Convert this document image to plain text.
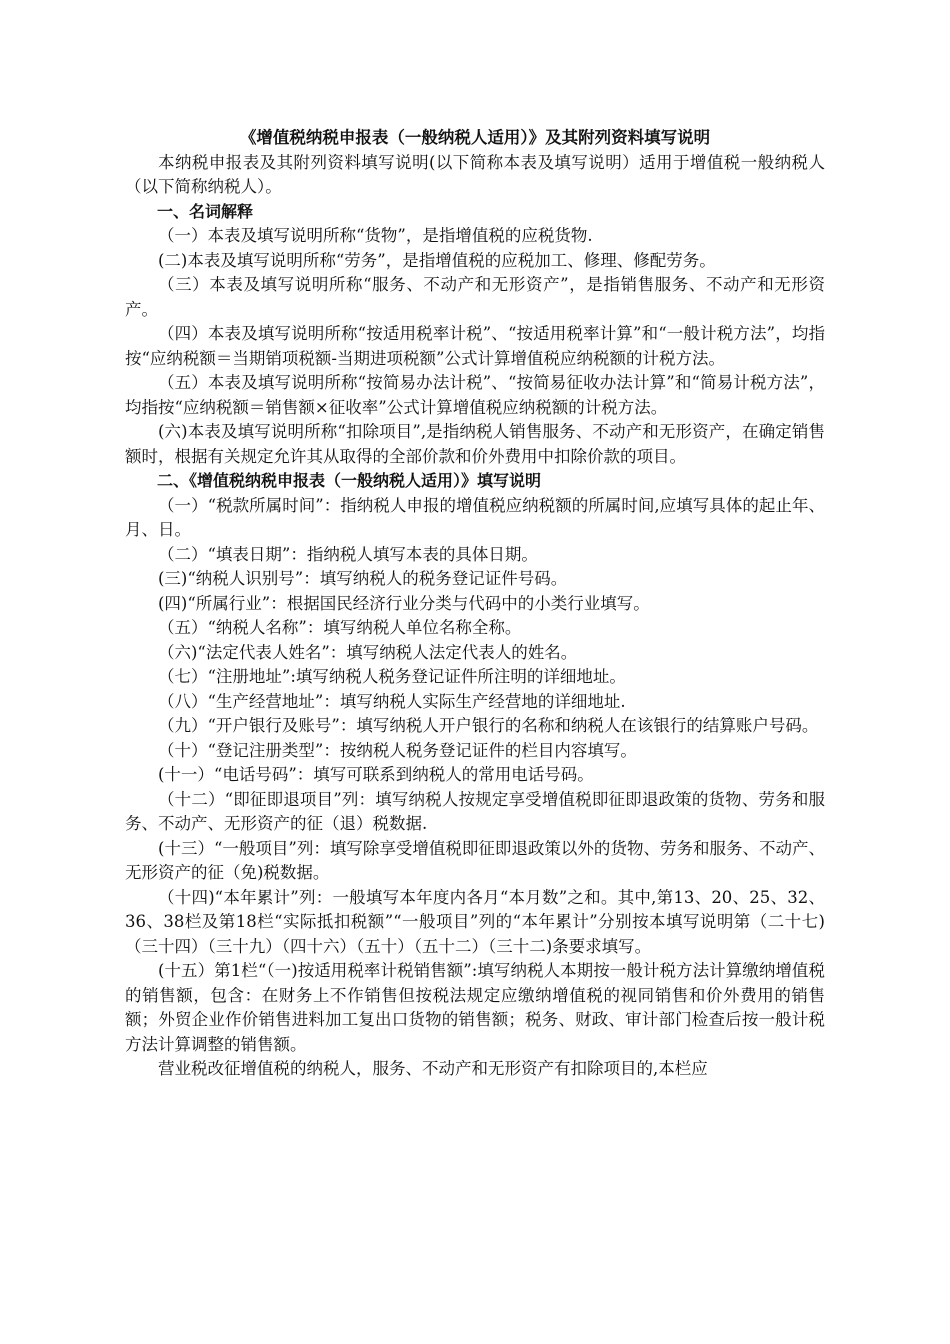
《增值税纳税申报表（一般纳税人适用）》及其附列资料填写说明

本纳税申报表及其附列资料填写说明(以下简称本表及填写说明）适用于增值税一般纳税人（以下简称纳税人）。

一、名词解释

（一）本表及填写说明所称“货物”，是指增值税的应税货物.

(二)本表及填写说明所称“劳务”，是指增值税的应税加工、修理、修配劳务。

（三）本表及填写说明所称“服务、不动产和无形资产”，是指销售服务、不动产和无形资产。

（四）本表及填写说明所称“按适用税率计税”、“按适用税率计算”和“一般计税方法”，均指按“应纳税额＝当期销项税额-当期进项税额”公式计算增值税应纳税额的计税方法。

（五）本表及填写说明所称“按简易办法计税”、“按简易征收办法计算”和“简易计税方法”，均指按“应纳税额＝销售额×征收率”公式计算增值税应纳税额的计税方法。

(六)本表及填写说明所称“扣除项目”,是指纳税人销售服务、不动产和无形资产，在确定销售额时，根据有关规定允许其从取得的全部价款和价外费用中扣除价款的项目。

二、《增值税纳税申报表（一般纳税人适用）》填写说明

（一）“税款所属时间”：指纳税人申报的增值税应纳税额的所属时间,应填写具体的起止年、月、日。

（二）“填表日期”：指纳税人填写本表的具体日期。

(三)“纳税人识别号”：填写纳税人的税务登记证件号码。

(四)“所属行业”：根据国民经济行业分类与代码中的小类行业填写。

（五）“纳税人名称”：填写纳税人单位名称全称。

（六)“法定代表人姓名”：填写纳税人法定代表人的姓名。

（七）“注册地址”:填写纳税人税务登记证件所注明的详细地址。

（八）“生产经营地址”：填写纳税人实际生产经营地的详细地址.

（九）“开户银行及账号”：填写纳税人开户银行的名称和纳税人在该银行的结算账户号码。

（十）“登记注册类型”：按纳税人税务登记证件的栏目内容填写。

(十一）“电话号码”：填写可联系到纳税人的常用电话号码。

（十二）“即征即退项目”列：填写纳税人按规定享受增值税即征即退政策的货物、劳务和服务、不动产、无形资产的征（退）税数据.

(十三）“一般项目”列：填写除享受增值税即征即退政策以外的货物、劳务和服务、不动产、无形资产的征（免)税数据。

（十四)“本年累计”列：一般填写本年度内各月“本月数”之和。其中,第13、20、25、32、36、38栏及第18栏“实际抵扣税额”“一般项目”列的“本年累计”分别按本填写说明第（二十七)（三十四）（三十九）（四十六）（五十）（五十二）（三十二)条要求填写。

(十五）第1栏“（一)按适用税率计税销售额”:填写纳税人本期按一般计税方法计算缴纳增值税的销售额，包含：在财务上不作销售但按税法规定应缴纳增值税的视同销售和价外费用的销售额；外贸企业作价销售进料加工复出口货物的销售额；税务、财政、审计部门检查后按一般计税方法计算调整的销售额。

营业税改征增值税的纳税人，服务、不动产和无形资产有扣除项目的,本栏应
